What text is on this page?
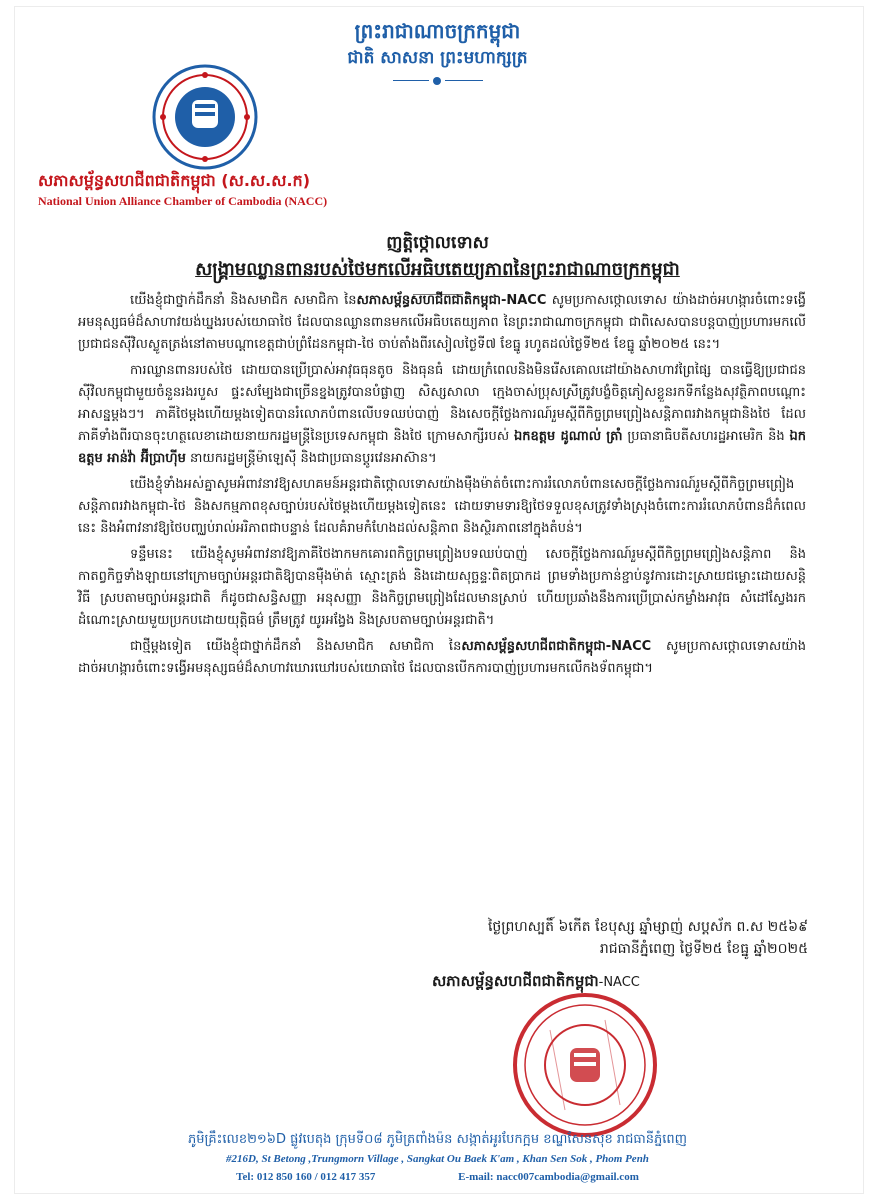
ព្រះរាជាណាចក្រកម្ពុជា
ជាតិ សាសនា ព្រះមហាក្សត្រ
សភាសម្ព័ន្ធសហជីពជាតិកម្ពុជា (ស.ស.ស.ក)
National Union Alliance Chamber of Cambodia (NACC)
ញត្តិថ្កោលទោស
សង្គ្រាមឈ្លានពានរបស់ថៃមកលើអធិបតេយ្យភាពនៃព្រះរាជាណាចក្រកម្ពុជា

យើងខ្ញុំជាថ្នាក់ដឹកនាំ និងសមាជិក សមាជិកា នៃសភាសម្ព័ន្ធសហជីពជាតិកម្ពុជា-NACC សូមប្រកាសថ្កោលទោស យ៉ាងដាច់អហង្ការចំពោះទង្វើអមនុស្សធម៌ដ៏សាហាវយង់ឃ្នងរបស់យោធាថៃ ដែលបានឈ្លានពានមកលើអធិបតេយ្យភាព នៃព្រះរាជាណាចក្រកម្ពុជា ជាពិសេសបានបន្តបាញ់ប្រហារមកលើប្រជាជនស៊ីវិលស្លូតត្រង់នៅតាមបណ្តាខេត្តជាប់ព្រំដែនកម្ពុជា-ថៃ ចាប់តាំងពីរសៀលថ្ងៃទី៧ ខែធ្នូ រហូតដល់ថ្ងៃទី២៥ ខែធ្នូ ឆ្នាំ២០២៥ នេះ។

ការឈ្លានពានរបស់ថៃ ដោយបានប្រើប្រាស់អាវុធធុនតូច និងធុនធំ ដោយក្រំពេលនិងមិនរើសគោលដៅយ៉ាងសាហាវព្រៃផ្សៃ បានធ្វើឱ្យប្រជាជនស៊ីវិលកម្ពុជាមួយចំនួនរងរបួស ផ្ទះសម្បែងជាច្រើនខ្នងត្រូវបានបំផ្លាញ សិស្សសាលា ក្មេងចាស់ប្រុសស្រីត្រូវបង្ខំចិត្តភៀសខ្លួនរកទីកន្លែងសុវត្ថិភាពបណ្តោះអាសន្នម្តងៗ។ ភាគីថៃម្តងហើយម្តងទៀតបានរំលោភបំពានលើបទឈប់បាញ់ និងសេចក្តីថ្លែងការណ៍រួមស្តីពីកិច្ចព្រមព្រៀងសន្តិភាពរវាងកម្ពុជានិងថៃ ដែលភាគីទាំងពីរបានចុះហត្ថលេខាដោយនាយករដ្ឋមន្ត្រីនៃប្រទេសកម្ពុជា និងថៃ ក្រោមសាក្សីរបស់ ឯកឧត្តម ដូណាល់ ត្រាំ ប្រធានាធិបតីសហរដ្ឋអាមេរិក និង ឯកឧត្តម អាន់វ៉ា អ៊ីប្រាហ៊ីម នាយករដ្ឋមន្ត្រីម៉ាឡេស៊ី និងជាប្រធានប្តូរវេនអាស៊ាន។

យើងខ្ញុំទាំងអស់គ្នាសូមអំពាវនាវឱ្យសហគមន៍អន្តរជាតិថ្កោលទោសយ៉ាងម៉ឺងម៉ាត់ចំពោះការរំលោភបំពានសេចក្តីថ្លែងការណ៍រួមស្តីពីកិច្ចព្រមព្រៀងសន្តិភាពរវាងកម្ពុជា-ថៃ និងសកម្មភាពខុសច្បាប់របស់ថៃម្តងហើយម្តងទៀតនេះ ដោយទាមទារឱ្យថៃទទួលខុសត្រូវទាំងស្រុងចំពោះការរំលោភបំពានដ៏កំពេលនេះ និងអំពាវនាវឱ្យថៃបញ្ឈប់រាល់អរិភាពជាបន្ទាន់ ដែលគំរាមកំហែងដល់សន្តិភាព និងស្ថិរភាពនៅក្នុងតំបន់។

ទន្ទឹមនេះ យើងខ្ញុំសូមអំពាវនាវឱ្យភាគីថៃងាកមកគោរពកិច្ចព្រមព្រៀងបទឈប់បាញ់ សេចក្តីថ្លែងការណ៍រួមស្តីពីកិច្ចព្រមព្រៀងសន្តិភាព និងកាតព្វកិច្ចទាំងឡាយនៅក្រោមច្បាប់អន្តរជាតិឱ្យបានម៉ឺងម៉ាត់ ស្មោះត្រង់ និងដោយសុច្ឆន្ទៈពិតប្រាកដ ព្រមទាំងប្រកាន់ខ្ជាប់នូវការដោះស្រាយជម្លោះដោយសន្តិវិធី ស្របតាមច្បាប់អន្តរជាតិ ក៏ដូចជាសន្ធិសញ្ញា អនុសញ្ញា និងកិច្ចព្រមព្រៀងដែលមានស្រាប់ ហើយប្រឆាំងនឹងការប្រើប្រាស់កម្លាំងអាវុធ សំដៅស្វែងរកដំណោះស្រាយមួយប្រកបដោយយុត្តិធម៌ ត្រឹមត្រូវ យូរអង្វែង និងស្របតាមច្បាប់អន្តរជាតិ។

ជាថ្មីម្តងទៀត យើងខ្ញុំជាថ្នាក់ដឹកនាំ និងសមាជិក សមាជិកា នៃសភាសម្ព័ន្ធសហជីពជាតិកម្ពុជា-NACC សូមប្រកាសថ្កោលទោសយ៉ាងដាច់អហង្ការចំពោះទង្វើអមនុស្សធម៌ដ៏សាហាវឃោរឃៅរបស់យោធាថៃ ដែលបានបើកការបាញ់ប្រហារមកលើកងទ័ពកម្ពុជា។

ថ្ងៃព្រហស្បតិ៍ ៦កើត ខែបុស្ស ឆ្នាំម្សាញ់ សប្តស័ក ព.ស ២៥៦៩
រាជធានីភ្នំពេញ ថ្ងៃទី២៥ ខែធ្នូ ឆ្នាំ២០២៥
សភាសម្ព័ន្ធសហជីពជាតិកម្ពុជា-NACC
ភូមិគ្រឹះលេខ២១៦D ផ្លូវបេតុង ក្រុមទី០៨ ភូមិត្រពាំងម៉ន សង្កាត់អូរបែកក្អម ខណ្ឌសែនសុខ រាជធានីភ្នំពេញ
#216D, St Betong ,Trungmorn Village , Sangkat Ou Baek K'am , Khan Sen Sok , Phom Penh
Tel: 012 850 160 / 012 417 357	E-mail: nacc007cambodia@gmail.com
